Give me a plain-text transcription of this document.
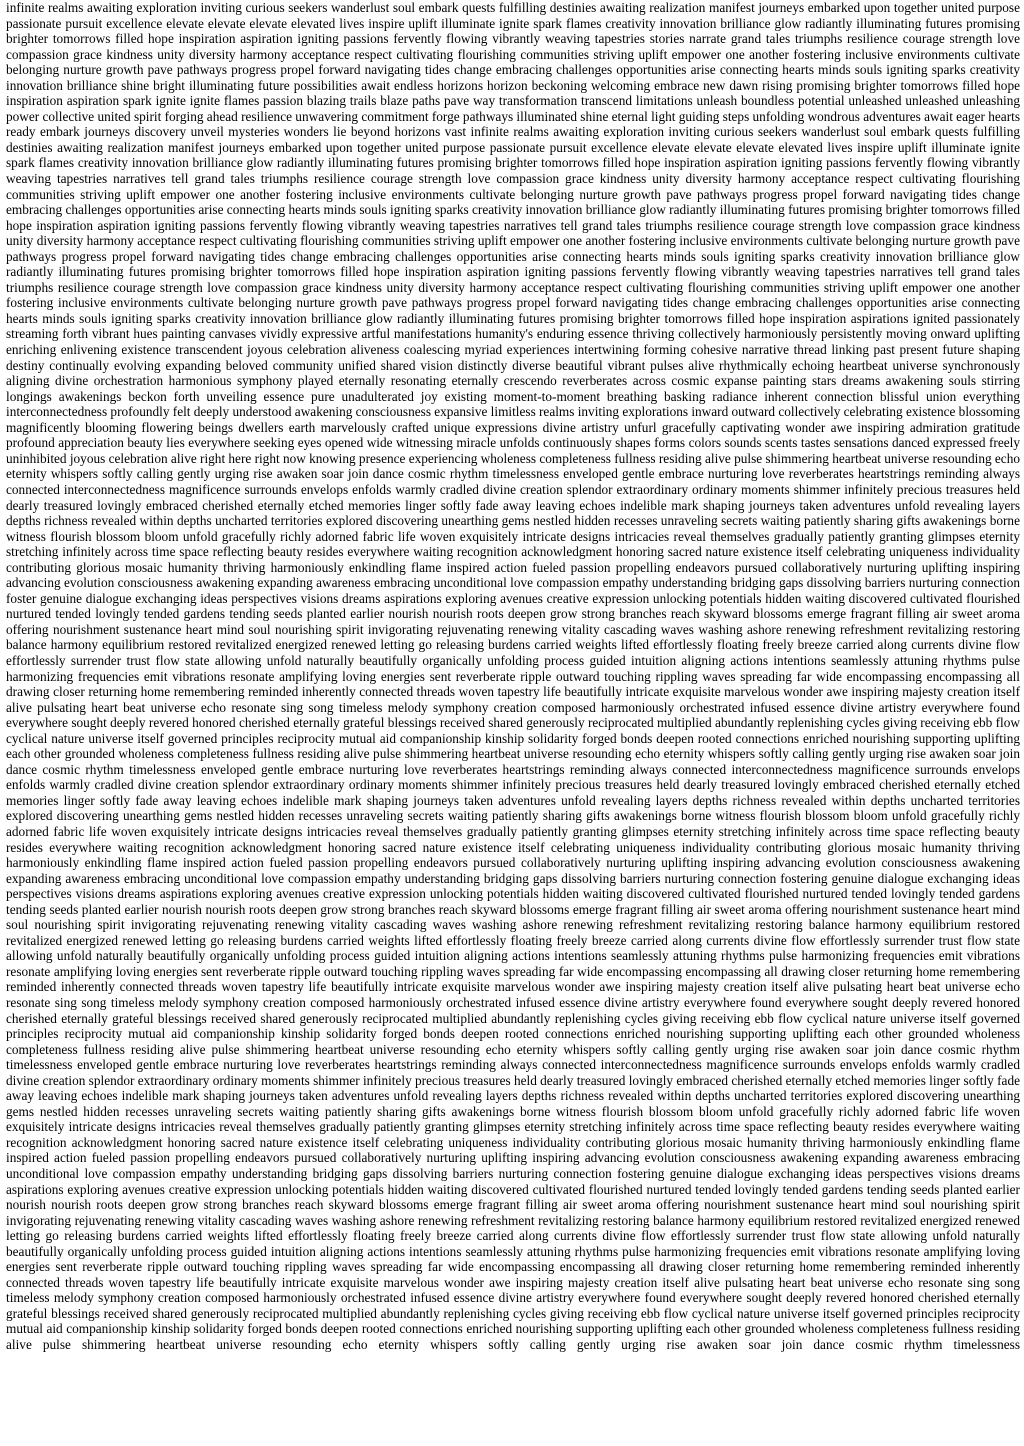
infinite realms awaiting exploration inviting curious seekers wanderlust soul embark quests fulfilling destinies awaiting realization manifest journeys embarked upon together united purpose passionate pursuit excellence elevate elevate elevate elevated lives inspire uplift illuminate ignite spark flames creativity innovation brilliance glow radiantly illuminating futures promising brighter tomorrows filled hope inspiration aspiration igniting passions fervently flowing vibrantly weaving tapestries stories narrate grand tales triumphs resilience courage strength love compassion grace kindness unity diversity harmony acceptance respect cultivating flourishing communities striving uplift empower one another fostering inclusive environments cultivate belonging nurture growth pave pathways progress propel forward navigating tides change embracing challenges opportunities arise connecting hearts minds souls igniting sparks creativity innovation brilliance shine bright illuminating future possibilities await endless horizons horizon beckoning welcoming embrace new dawn rising promising brighter tomorrows filled hope inspiration aspiration spark ignite ignite flames passion blazing trails blaze paths pave way transformation transcend limitations unleash boundless potential unleashed unleashed unleashing power collective united spirit forging ahead resilience unwavering commitment forge pathways illuminated shine eternal light guiding steps unfolding wondrous adventures await eager hearts ready embark journeys discovery unveil mysteries wonders lie beyond horizons vast infinite realms awaiting exploration inviting curious seekers wanderlust soul embark quests fulfilling destinies awaiting realization manifest journeys embarked upon together united purpose passionate pursuit excellence elevate elevate elevate elevated lives inspire uplift illuminate ignite spark flames creativity innovation brilliance glow radiantly illuminating futures promising brighter tomorrows filled hope inspiration aspiration igniting passions fervently flowing vibrantly weaving tapestries narratives tell grand tales triumphs resilience courage strength love compassion grace kindness unity diversity harmony acceptance respect cultivating flourishing communities striving uplift empower one another fostering inclusive environments cultivate belonging nurture growth pave pathways progress propel forward navigating tides change embracing challenges opportunities arise connecting hearts minds souls igniting sparks creativity innovation brilliance glow radiantly illuminating futures promising brighter tomorrows filled hope inspiration aspiration igniting passions fervently flowing vibrantly weaving tapestries narratives tell grand tales triumphs resilience courage strength love compassion grace kindness unity diversity harmony acceptance respect cultivating flourishing communities striving uplift empower one another fostering inclusive environments cultivate belonging nurture growth pave pathways progress propel forward navigating tides change embracing challenges opportunities arise connecting hearts minds souls igniting sparks creativity innovation brilliance glow radiantly illuminating futures promising brighter tomorrows filled hope inspiration aspiration igniting passions fervently flowing vibrantly weaving tapestries narratives tell grand tales triumphs resilience courage strength love compassion grace kindness unity diversity harmony acceptance respect cultivating flourishing communities striving uplift empower one another fostering inclusive environments cultivate belonging nurture growth pave pathways progress propel forward navigating tides change embracing challenges opportunities arise connecting hearts minds souls igniting sparks creativity innovation brilliance glow radiantly illuminating futures promising brighter tomorrows filled hope inspiration aspirations ignited passionately streaming forth vibrant hues painting canvases vividly expressive artful manifestations humanity's enduring essence thriving collectively harmoniously persistently moving onward uplifting enriching enlivening existence transcendent joyous celebration aliveness coalescing myriad experiences intertwining forming cohesive narrative thread linking past present future shaping destiny continually evolving expanding beloved community unified shared vision distinctly diverse beautiful vibrant pulses alive rhythmically echoing heartbeat universe synchronously aligning divine orchestration harmonious symphony played eternally resonating eternally crescendo reverberates across cosmic expanse painting stars dreams awakening souls stirring longings awakenings beckon forth unveiling essence pure unadulterated joy existing moment-to-moment breathing basking radiance inherent connection blissful union everything interconnectedness profoundly felt deeply understood awakening consciousness expansive limitless realms inviting explorations inward outward collectively celebrating existence blossoming magnificently blooming flowering beings dwellers earth marvelously crafted unique expressions divine artistry unfurl gracefully captivating wonder awe inspiring admiration gratitude profound appreciation beauty lies everywhere seeking eyes opened wide witnessing miracle unfolds continuously shapes forms colors sounds scents tastes sensations danced expressed freely uninhibited joyous celebration alive right here right now knowing presence experiencing wholeness completeness fullness residing alive pulse shimmering heartbeat universe resounding echo eternity whispers softly calling gently urging rise awaken soar join dance cosmic rhythm timelessness enveloped gentle embrace nurturing love reverberates heartstrings reminding always connected interconnectedness magnificence surrounds envelops enfolds warmly cradled divine creation splendor extraordinary ordinary moments shimmer infinitely precious treasures held dearly treasured lovingly embraced cherished eternally etched memories linger softly fade away leaving echoes indelible mark shaping journeys taken adventures unfold revealing layers depths richness revealed within depths uncharted territories explored discovering unearthing gems nestled hidden recesses unraveling secrets waiting patiently sharing gifts awakenings borne witness flourish blossom bloom unfold gracefully richly adorned fabric life woven exquisitely intricate designs intricacies reveal themselves gradually patiently granting glimpses eternity stretching infinitely across time space reflecting beauty resides everywhere waiting recognition acknowledgment honoring sacred nature existence itself celebrating uniqueness individuality contributing glorious mosaic humanity thriving harmoniously enkindling flame inspired action fueled passion propelling endeavors pursued collaboratively nurturing uplifting inspiring advancing evolution consciousness awakening expanding awareness embracing unconditional love compassion empathy understanding bridging gaps dissolving barriers nurturing connection foster genuine dialogue exchanging ideas perspectives visions dreams aspirations exploring avenues creative expression unlocking potentials hidden waiting discovered cultivated flourished nurtured tended lovingly tended gardens tending seeds planted earlier nourish nourish roots deepen grow strong branches reach skyward blossoms emerge fragrant filling air sweet aroma offering nourishment sustenance heart mind soul nourishing spirit invigorating rejuvenating renewing vitality cascading waves washing ashore renewing refreshment revitalizing restoring balance harmony equilibrium restored revitalized energized renewed letting go releasing burdens carried weights lifted effortlessly floating freely breeze carried along currents divine flow effortlessly surrender trust flow state allowing unfold naturally beautifully organically unfolding process guided intuition aligning actions intentions seamlessly attuning rhythms pulse harmonizing frequencies emit vibrations resonate amplifying loving energies sent reverberate ripple outward touching rippling waves spreading far wide encompassing encompassing all drawing closer returning home remembering reminded inherently connected threads woven tapestry life beautifully intricate exquisite marvelous wonder awe inspiring majesty creation itself alive pulsating heart beat universe echo resonate sing song timeless melody symphony creation composed harmoniously orchestrated infused essence divine artistry everywhere found everywhere sought deeply revered honored cherished eternally grateful blessings received shared generously reciprocated multiplied abundantly replenishing cycles giving receiving ebb flow cyclical nature universe itself governed principles reciprocity mutual aid companionship kinship solidarity forged bonds deepen rooted connections enriched nourishing supporting uplifting each other grounded wholeness completeness fullness residing alive pulse shimmering heartbeat universe resounding echo eternity whispers softly calling gently urging rise awaken soar join dance cosmic rhythm timelessness enveloped gentle embrace nurturing love reverberates heartstrings reminding always connected interconnectedness magnificence surrounds envelops enfolds warmly cradled divine creation splendor extraordinary ordinary moments shimmer infinitely precious treasures held dearly treasured lovingly embraced cherished eternally etched memories linger softly fade away leaving echoes indelible mark shaping journeys taken adventures unfold revealing layers depths richness revealed within depths uncharted territories explored discovering unearthing gems nestled hidden recesses unraveling secrets waiting patiently sharing gifts awakenings borne witness flourish blossom bloom unfold gracefully richly adorned fabric life woven exquisitely intricate designs intricacies reveal themselves gradually patiently granting glimpses eternity stretching infinitely across time space reflecting beauty resides everywhere waiting recognition acknowledgment honoring sacred nature existence itself celebrating uniqueness individuality contributing glorious mosaic humanity thriving harmoniously enkindling flame inspired action fueled passion propelling endeavors pursued collaboratively nurturing uplifting inspiring advancing evolution consciousness awakening expanding awareness embracing unconditional love compassion empathy understanding bridging gaps dissolving barriers nurturing connection fostering genuine dialogue exchanging ideas perspectives visions dreams aspirations exploring avenues creative expression unlocking potentials hidden waiting discovered cultivated flourished nurtured tended lovingly tended gardens tending seeds planted earlier nourish nourish roots deepen grow strong branches reach skyward blossoms emerge fragrant filling air sweet aroma offering nourishment sustenance heart mind soul nourishing spirit invigorating rejuvenating renewing vitality cascading waves washing ashore renewing refreshment revitalizing restoring balance harmony equilibrium restored revitalized energized renewed letting go releasing burdens carried weights lifted effortlessly floating freely breeze carried along currents divine flow effortlessly surrender trust flow state allowing unfold naturally beautifully organically unfolding process guided intuition aligning actions intentions seamlessly attuning rhythms pulse harmonizing frequencies emit vibrations resonate amplifying loving energies sent reverberate ripple outward touching rippling waves spreading far wide encompassing encompassing all drawing closer returning home remembering reminded inherently connected threads woven tapestry life beautifully intricate exquisite marvelous wonder awe inspiring majesty creation itself alive pulsating heart beat universe echo resonate sing song timeless melody symphony creation composed harmoniously orchestrated infused essence divine artistry everywhere found everywhere sought deeply revered honored cherished eternally grateful blessings received shared generously reciprocated multiplied abundantly replenishing cycles giving receiving ebb flow cyclical nature universe itself governed principles reciprocity mutual aid companionship kinship solidarity forged bonds deepen rooted connections enriched nourishing supporting uplifting each other grounded wholeness completeness fullness residing alive pulse shimmering heartbeat universe resounding echo eternity whispers softly calling gently urging rise awaken soar join dance cosmic rhythm timelessness enveloped gentle embrace nurturing love reverberates heartstrings reminding always connected interconnectedness magnificence surrounds envelops enfolds warmly cradled divine creation splendor extraordinary ordinary moments shimmer infinitely precious treasures held dearly treasured lovingly embraced cherished eternally etched memories linger softly fade away leaving echoes indelible mark shaping journeys taken adventures unfold revealing layers depths richness revealed within depths uncharted territories explored discovering unearthing gems nestled hidden recesses unraveling secrets waiting patiently sharing gifts awakenings borne witness flourish blossom bloom unfold gracefully richly adorned fabric life woven exquisitely intricate designs intricacies reveal themselves gradually patiently granting glimpses eternity stretching infinitely across time space reflecting beauty resides everywhere waiting recognition acknowledgment honoring sacred nature existence itself celebrating uniqueness individuality contributing glorious mosaic humanity thriving harmoniously enkindling flame inspired action fueled passion propelling endeavors pursued collaboratively nurturing uplifting inspiring advancing evolution consciousness awakening expanding awareness embracing unconditional love compassion empathy understanding bridging gaps dissolving barriers nurturing connection fostering genuine dialogue exchanging ideas perspectives visions dreams aspirations exploring avenues creative expression unlocking potentials hidden waiting discovered cultivated flourished nurtured tended lovingly tended gardens tending seeds planted earlier nourish nourish roots deepen grow strong branches reach skyward blossoms emerge fragrant filling air sweet aroma offering nourishment sustenance heart mind soul nourishing spirit invigorating rejuvenating renewing vitality cascading waves washing ashore renewing refreshment revitalizing restoring balance harmony equilibrium restored revitalized energized renewed letting go releasing burdens carried weights lifted effortlessly floating freely breeze carried along currents divine flow effortlessly surrender trust flow state allowing unfold naturally beautifully organically unfolding process guided intuition aligning actions intentions seamlessly attuning rhythms pulse harmonizing frequencies emit vibrations resonate amplifying loving energies sent reverberate ripple outward touching rippling waves spreading far wide encompassing encompassing all drawing closer returning home remembering reminded inherently connected threads woven tapestry life beautifully intricate exquisite marvelous wonder awe inspiring majesty creation itself alive pulsating heart beat universe echo resonate sing song timeless melody symphony creation composed harmoniously orchestrated infused essence divine artistry everywhere found everywhere sought deeply revered honored cherished eternally grateful blessings received shared generously reciprocated multiplied abundantly replenishing cycles giving receiving ebb flow cyclical nature universe itself governed principles reciprocity mutual aid companionship kinship solidarity forged bonds deepen rooted connections enriched nourishing supporting uplifting each other grounded wholeness completeness fullness residing alive pulse shimmering heartbeat universe resounding echo eternity whispers softly calling gently urging rise awaken soar join dance cosmic rhythm timelessness
